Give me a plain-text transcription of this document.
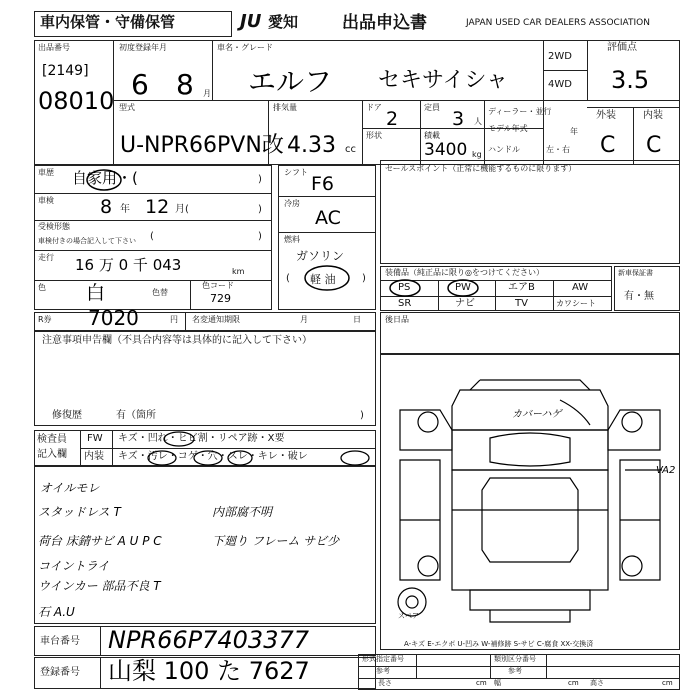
車内保管・守備保管	JU 愛知	出品申込書	JAPAN USED CAR DEALERS ASSOCIATION
出品番号
[2149]
08010
初度登録年月
6 8 月
車名・グレード
エルフ セキサイシャ
2WD
4WD
評価点
3.5
型式
U-NPR66PVN改
排気量
4.33 cc
ドア
2
定員
3 人
形状	積載
3400 kg
ディーラー・並行
モデル年式	年
ハンドル	左・右
外装	内装
C C
車歴 自家用・(	)
車検 8 年 12 月(	)
受検形態
車検付きの場合記入して下さい (	)
走行 16 万 0 千 043	km
色 白	色替
色コード
729
シフト
F6
冷房
AC
燃料
ガソリン
( 軽 油	)
セールスポイント（正常に機能するものに限ります）
装備品（純正品に限り◎をつけてください）
PS	PW	エアB	AW
SR	ナビ	TV	カワシート
新車保証書
有・無
R券 7020	円 名変通知期限	月	日
注意事項申告欄（不具合内容等は具体的に記入して下さい）
修復歴	有（箇所	)
後日品
検査員
記入欄
FW キズ・凹れ・ヒビ割・リペア跡・X要
内装 キズ・汚レ・コゲ・穴・スレ・キレ・破レ
オイルモレ
スタッドレス T
荷台 床錆サビ A U P C
コイントライ
ウインカー 部品不良 T
石 A.U
内部腐不明
下廻り フレーム サビ少
カバーハゲ
VA2
スペア
A-キズ E-エクボ U-凹み W-補修跡 S-サビ C-腐食 XX-交換済
車台番号 NPR66P7403377
登録番号 山梨 100 た 7627	形式指定番号	類別区分番号
参考	参考
長さ	幅	高さ
cm	cm	cm
